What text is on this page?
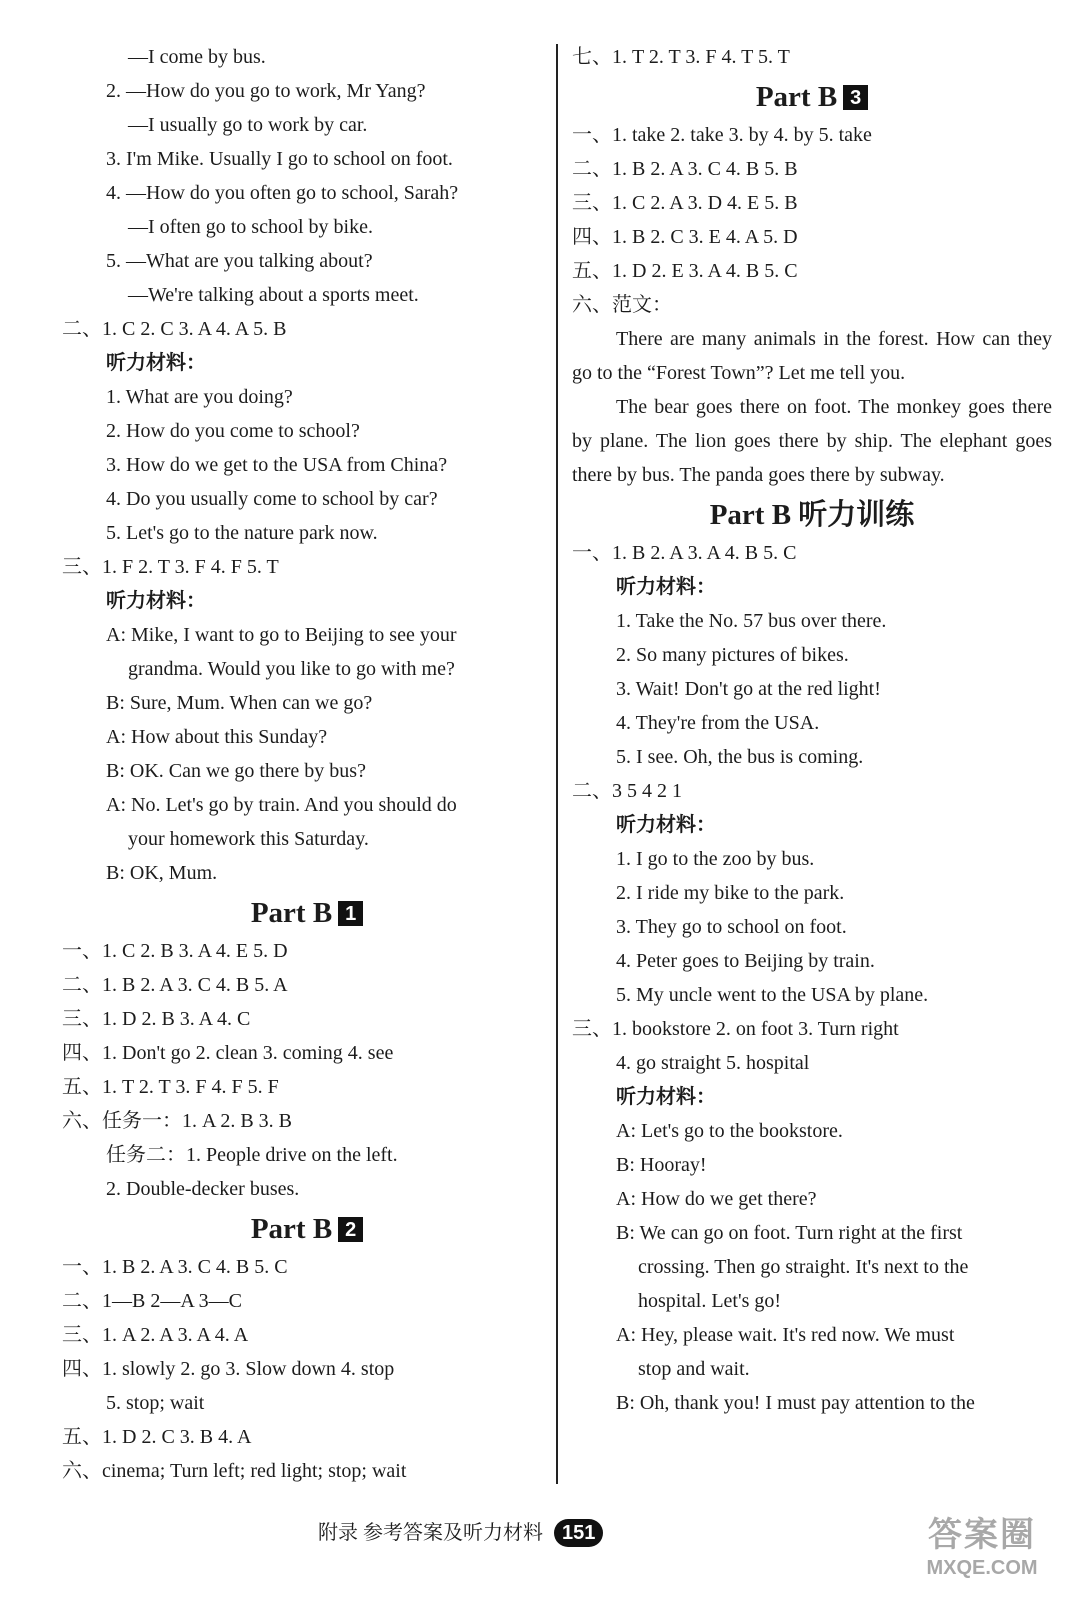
—I come by bus.
2. —How do you go to work, Mr Yang?
—I usually go to work by car.
3. I'm Mike. Usually I go to school on foot.
4. —How do you often go to school, Sarah?
—I often go to school by bike.
5. —What are you talking about?
—We're talking about a sports meet.
二、1. C 2. C 3. A 4. A 5. B
听力材料：
1. What are you doing?
2. How do you come to school?
3. How do we get to the USA from China?
4. Do you usually come to school by car?
5. Let's go to the nature park now.
三、1. F 2. T 3. F 4. F 5. T
听力材料：
A: Mike, I want to go to Beijing to see your
grandma. Would you like to go with me?
B: Sure, Mum. When can we go?
A: How about this Sunday?
B: OK. Can we go there by bus?
A: No. Let's go by train. And you should do
your homework this Saturday.
B: OK, Mum.
Part B 1
一、1. C 2. B 3. A 4. E 5. D
二、1. B 2. A 3. C 4. B 5. A
三、1. D 2. B 3. A 4. C
四、1. Don't go 2. clean 3. coming 4. see
五、1. T 2. T 3. F 4. F 5. F
六、任务一：1. A 2. B 3. B
任务二：1. People drive on the left.
2. Double-decker buses.
Part B 2
一、1. B 2. A 3. C 4. B 5. C
二、1—B 2—A 3—C
三、1. A 2. A 3. A 4. A
四、1. slowly 2. go 3. Slow down 4. stop
5. stop; wait
五、1. D 2. C 3. B 4. A
六、cinema; Turn left; red light; stop; wait
七、1. T 2. T 3. F 4. T 5. T
Part B 3
一、1. take 2. take 3. by 4. by 5. take
二、1. B 2. A 3. C 4. B 5. B
三、1. C 2. A 3. D 4. E 5. B
四、1. B 2. C 3. E 4. A 5. D
五、1. D 2. E 3. A 4. B 5. C
六、范文：
There are many animals in the forest. How can they go to the “Forest Town”? Let me tell you.
The bear goes there on foot. The monkey goes there by plane. The lion goes there by ship. The elephant goes there by bus. The panda goes there by subway.
Part B 听力训练
一、1. B 2. A 3. A 4. B 5. C
听力材料：
1. Take the No. 57 bus over there.
2. So many pictures of bikes.
3. Wait! Don't go at the red light!
4. They're from the USA.
5. I see. Oh, the bus is coming.
二、3 5 4 2 1
听力材料：
1. I go to the zoo by bus.
2. I ride my bike to the park.
3. They go to school on foot.
4. Peter goes to Beijing by train.
5. My uncle went to the USA by plane.
三、1. bookstore 2. on foot 3. Turn right
4. go straight 5. hospital
听力材料：
A: Let's go to the bookstore.
B: Hooray!
A: How do we get there?
B: We can go on foot. Turn right at the first
crossing. Then go straight. It's next to the
hospital. Let's go!
A: Hey, please wait. It's red now. We must
stop and wait.
B: Oh, thank you! I must pay attention to the
附录 参考答案及听力材料 151	答案圈
MXQE.COM
